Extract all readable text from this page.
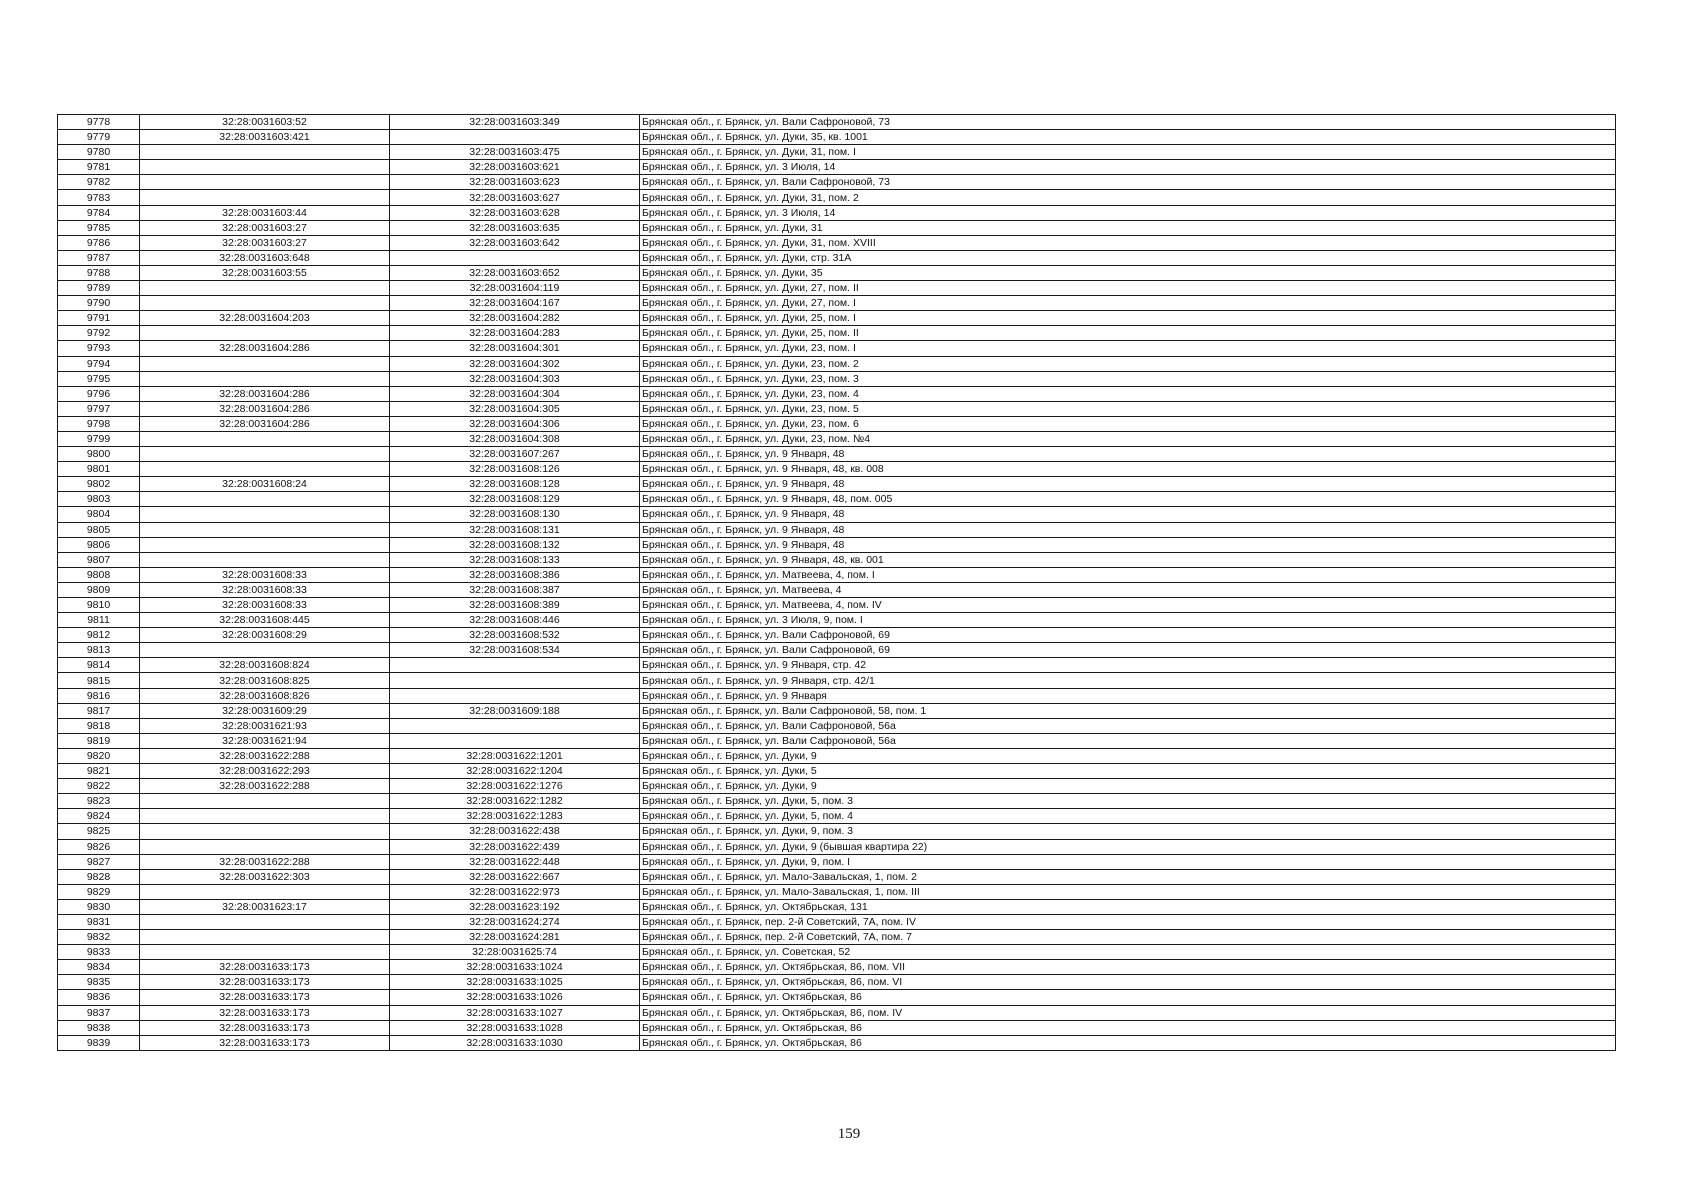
9778	32:28:0031603:52	32:28:0031603:349	Брянская обл., г. Брянск, ул. Вали Сафроновой, 73
9779	32:28:0031603:421		Брянская обл., г. Брянск, ул. Дуки, 35, кв. 1001
9780		32:28:0031603:475	Брянская обл., г. Брянск, ул. Дуки, 31, пом. I
9781		32:28:0031603:621	Брянская обл., г. Брянск, ул. 3 Июля, 14
9782		32:28:0031603:623	Брянская обл., г. Брянск, ул. Вали Сафроновой, 73
9783		32:28:0031603:627	Брянская обл., г. Брянск, ул. Дуки, 31, пом. 2
9784	32:28:0031603:44	32:28:0031603:628	Брянская обл., г. Брянск, ул. 3 Июля, 14
9785	32:28:0031603:27	32:28:0031603:635	Брянская обл., г. Брянск, ул. Дуки, 31
9786	32:28:0031603:27	32:28:0031603:642	Брянская обл., г. Брянск, ул. Дуки, 31, пом. XVIII
9787	32:28:0031603:648		Брянская обл., г. Брянск, ул. Дуки, стр. 31А
9788	32:28:0031603:55	32:28:0031603:652	Брянская обл., г. Брянск, ул. Дуки, 35
9789		32:28:0031604:119	Брянская обл., г. Брянск, ул. Дуки, 27, пом. II
9790		32:28:0031604:167	Брянская обл., г. Брянск, ул. Дуки, 27, пом. I
9791	32:28:0031604:203	32:28:0031604:282	Брянская обл., г. Брянск, ул. Дуки, 25, пом. I
9792		32:28:0031604:283	Брянская обл., г. Брянск, ул. Дуки, 25, пом. II
9793	32:28:0031604:286	32:28:0031604:301	Брянская обл., г. Брянск, ул. Дуки, 23, пом. I
9794		32:28:0031604:302	Брянская обл., г. Брянск, ул. Дуки, 23, пом. 2
9795		32:28:0031604:303	Брянская обл., г. Брянск, ул. Дуки, 23, пом. 3
9796	32:28:0031604:286	32:28:0031604:304	Брянская обл., г. Брянск, ул. Дуки, 23, пом. 4
9797	32:28:0031604:286	32:28:0031604:305	Брянская обл., г. Брянск, ул. Дуки, 23, пом. 5
9798	32:28:0031604:286	32:28:0031604:306	Брянская обл., г. Брянск, ул. Дуки, 23, пом. 6
9799		32:28:0031604:308	Брянская обл., г. Брянск, ул. Дуки, 23, пом. №4
9800		32:28:0031607:267	Брянская обл., г. Брянск, ул. 9 Января, 48
9801		32:28:0031608:126	Брянская обл., г. Брянск, ул. 9 Января, 48, кв. 008
9802	32:28:0031608:24	32:28:0031608:128	Брянская обл., г. Брянск, ул. 9 Января, 48
9803		32:28:0031608:129	Брянская обл., г. Брянск, ул. 9 Января, 48, пом. 005
9804		32:28:0031608:130	Брянская обл., г. Брянск, ул. 9 Января, 48
9805		32:28:0031608:131	Брянская обл., г. Брянск, ул. 9 Января, 48
9806		32:28:0031608:132	Брянская обл., г. Брянск, ул. 9 Января, 48
9807		32:28:0031608:133	Брянская обл., г. Брянск, ул. 9 Января, 48, кв. 001
9808	32:28:0031608:33	32:28:0031608:386	Брянская обл., г. Брянск, ул. Матвеева, 4, пом. I
9809	32:28:0031608:33	32:28:0031608:387	Брянская обл., г. Брянск, ул. Матвеева, 4
9810	32:28:0031608:33	32:28:0031608:389	Брянская обл., г. Брянск, ул. Матвеева, 4, пом. IV
9811	32:28:0031608:445	32:28:0031608:446	Брянская обл., г. Брянск, ул. 3 Июля, 9, пом. I
9812	32:28:0031608:29	32:28:0031608:532	Брянская обл., г. Брянск, ул. Вали Сафроновой, 69
9813		32:28:0031608:534	Брянская обл., г. Брянск, ул. Вали Сафроновой, 69
9814	32:28:0031608:824		Брянская обл., г. Брянск, ул. 9 Января, стр. 42
9815	32:28:0031608:825		Брянская обл., г. Брянск, ул. 9 Января, стр. 42/1
9816	32:28:0031608:826		Брянская обл., г. Брянск, ул. 9 Января
9817	32:28:0031609:29	32:28:0031609:188	Брянская обл., г. Брянск, ул. Вали Сафроновой, 58, пом. 1
9818	32:28:0031621:93		Брянская обл., г. Брянск, ул. Вали Сафроновой, 56а
9819	32:28:0031621:94		Брянская обл., г. Брянск, ул. Вали Сафроновой, 56а
9820	32:28:0031622:288	32:28:0031622:1201	Брянская обл., г. Брянск, ул. Дуки, 9
9821	32:28:0031622:293	32:28:0031622:1204	Брянская обл., г. Брянск, ул. Дуки, 5
9822	32:28:0031622:288	32:28:0031622:1276	Брянская обл., г. Брянск, ул. Дуки, 9
9823		32:28:0031622:1282	Брянская обл., г. Брянск, ул. Дуки, 5, пом. 3
9824		32:28:0031622:1283	Брянская обл., г. Брянск, ул. Дуки, 5, пом. 4
9825		32:28:0031622:438	Брянская обл., г. Брянск, ул. Дуки, 9, пом. 3
9826		32:28:0031622:439	Брянская обл., г. Брянск, ул. Дуки, 9 (бывшая квартира 22)
9827	32:28:0031622:288	32:28:0031622:448	Брянская обл., г. Брянск, ул. Дуки, 9, пом. I
9828	32:28:0031622:303	32:28:0031622:667	Брянская обл., г. Брянск, ул. Мало-Завальская, 1, пом. 2
9829		32:28:0031622:973	Брянская обл., г. Брянск, ул. Мало-Завальская, 1, пом. III
9830	32:28:0031623:17	32:28:0031623:192	Брянская обл., г. Брянск, ул. Октябрьская, 131
9831		32:28:0031624:274	Брянская обл., г. Брянск, пер. 2-й Советский, 7А, пом. IV
9832		32:28:0031624:281	Брянская обл., г. Брянск, пер. 2-й Советский, 7А, пом. 7
9833		32:28:0031625:74	Брянская обл., г. Брянск, ул. Советская, 52
9834	32:28:0031633:173	32:28:0031633:1024	Брянская обл., г. Брянск, ул. Октябрьская, 86, пом. VII
9835	32:28:0031633:173	32:28:0031633:1025	Брянская обл., г. Брянск, ул. Октябрьская, 86, пом. VI
9836	32:28:0031633:173	32:28:0031633:1026	Брянская обл., г. Брянск, ул. Октябрьская, 86
9837	32:28:0031633:173	32:28:0031633:1027	Брянская обл., г. Брянск, ул. Октябрьская, 86, пом. IV
9838	32:28:0031633:173	32:28:0031633:1028	Брянская обл., г. Брянск, ул. Октябрьская, 86
9839	32:28:0031633:173	32:28:0031633:1030	Брянская обл., г. Брянск, ул. Октябрьская, 86
159
